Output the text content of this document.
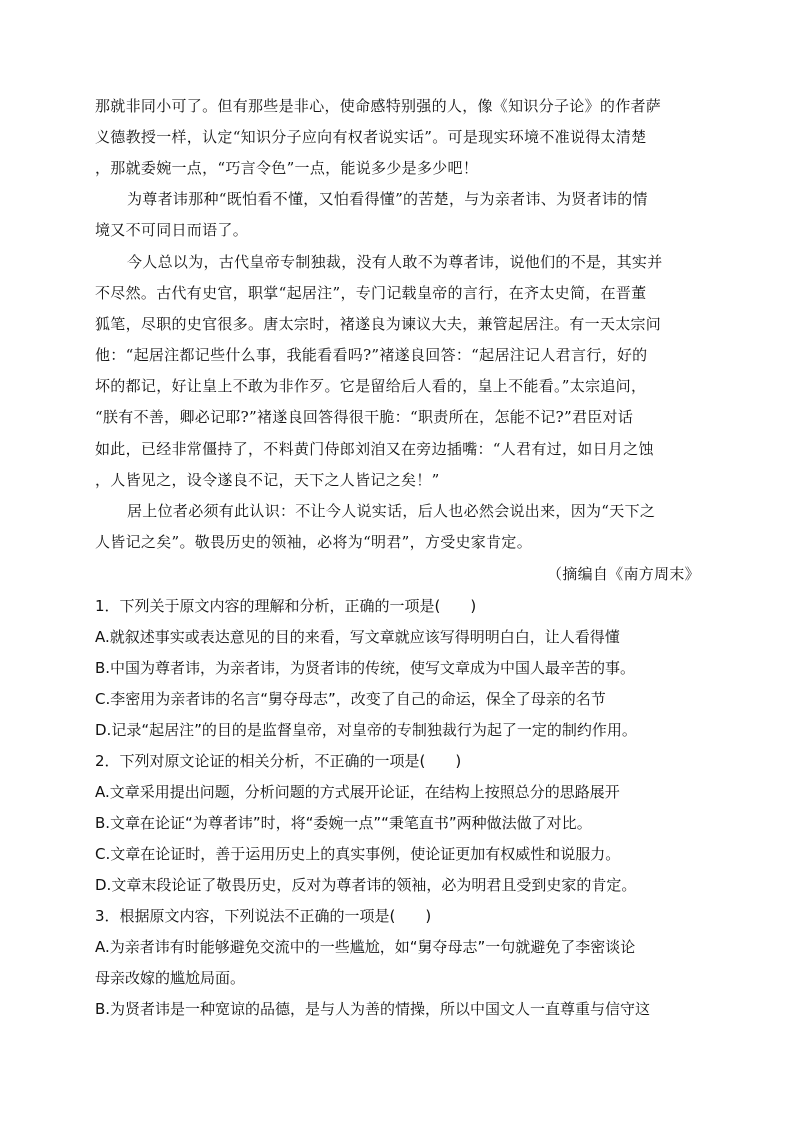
那就非同小可了。但有那些是非心，使命感特别强的人，像《知识分子论》的作者萨
义德教授一样，认定“知识分子应向有权者说实话”。可是现实环境不准说得太清楚
，那就委婉一点，“巧言令色”一点，能说多少是多少吧！
为尊者讳那种“既怕看不懂，又怕看得懂”的苦楚，与为亲者讳、为贤者讳的情
境又不可同日而语了。
今人总以为，古代皇帝专制独裁，没有人敢不为尊者讳，说他们的不是，其实并
不尽然。古代有史官，职掌“起居注”，专门记载皇帝的言行，在齐太史简，在晋董
狐笔，尽职的史官很多。唐太宗时，褚遂良为谏议大夫，兼管起居注。有一天太宗问
他：“起居注都记些什么事，我能看看吗?”褚遂良回答：“起居注记人君言行，好的
坏的都记，好让皇上不敢为非作歹。它是留给后人看的，皇上不能看。”太宗追问，
“朕有不善，卿必记耶?”褚遂良回答得很干脆：“职责所在，怎能不记?”君臣对话
如此，已经非常僵持了，不料黄门侍郎刘洎又在旁边插嘴：“人君有过，如日月之蚀
，人皆见之，设令遂良不记，天下之人皆记之矣！”
居上位者必须有此认识：不让今人说实话，后人也必然会说出来，因为“天下之
人皆记之矣”。敬畏历史的领袖，必将为“明君”，方受史家肯定。
（摘编自《南方周末》
1．下列关于原文内容的理解和分析，正确的一项是(　　)
A.就叙述事实或表达意见的目的来看，写文章就应该写得明明白白，让人看得懂
B.中国为尊者讳，为亲者讳，为贤者讳的传统，使写文章成为中国人最辛苦的事。
C.李密用为亲者讳的名言“舅夺母志”，改变了自己的命运，保全了母亲的名节
D.记录“起居注”的目的是监督皇帝，对皇帝的专制独裁行为起了一定的制约作用。
2．下列对原文论证的相关分析，不正确的一项是(　　)
A.文章采用提出问题，分析问题的方式展开论证，在结构上按照总分的思路展开
B.文章在论证“为尊者讳”时，将“委婉一点”“秉笔直书”两种做法做了对比。
C.文章在论证时，善于运用历史上的真实事例，使论证更加有权威性和说服力。
D.文章末段论证了敬畏历史，反对为尊者讳的领袖，必为明君且受到史家的肯定。
3．根据原文内容，下列说法不正确的一项是(　　)
A.为亲者讳有时能够避免交流中的一些尴尬，如“舅夺母志”一句就避免了李密谈论
母亲改嫁的尴尬局面。
B.为贤者讳是一种宽谅的品德，是与人为善的情操，所以中国文人一直尊重与信守这
